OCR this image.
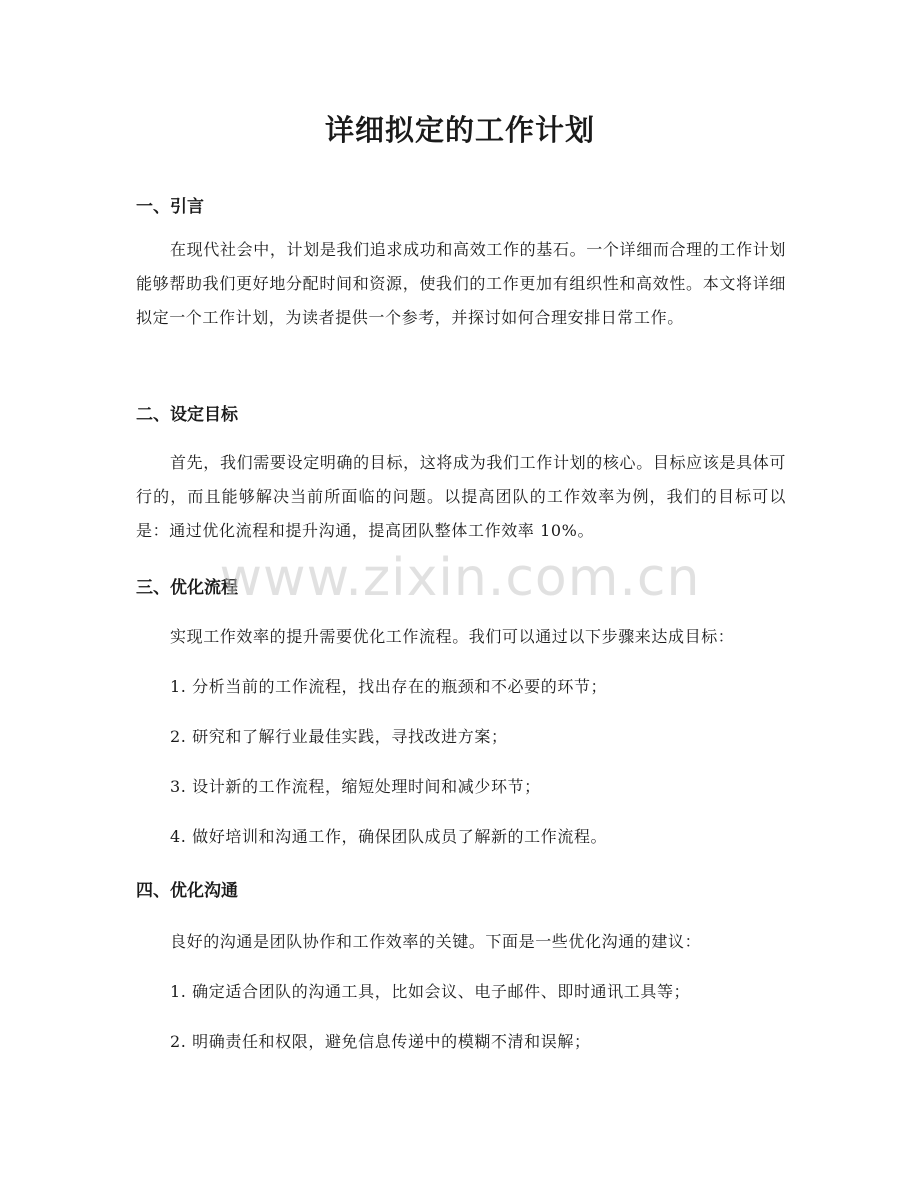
详细拟定的工作计划
一、引言

在现代社会中，计划是我们追求成功和高效工作的基石。一个详细而合理的工作计划能够帮助我们更好地分配时间和资源，使我们的工作更加有组织性和高效性。本文将详细拟定一个工作计划，为读者提供一个参考，并探讨如何合理安排日常工作。

二、设定目标

首先，我们需要设定明确的目标，这将成为我们工作计划的核心。目标应该是具体可行的，而且能够解决当前所面临的问题。以提高团队的工作效率为例，我们的目标可以是：通过优化流程和提升沟通，提高团队整体工作效率 10%。

三、优化流程

实现工作效率的提升需要优化工作流程。我们可以通过以下步骤来达成目标：

1. 分析当前的工作流程，找出存在的瓶颈和不必要的环节；

2. 研究和了解行业最佳实践，寻找改进方案；

3. 设计新的工作流程，缩短处理时间和减少环节；

4. 做好培训和沟通工作，确保团队成员了解新的工作流程。

四、优化沟通

良好的沟通是团队协作和工作效率的关键。下面是一些优化沟通的建议：

1. 确定适合团队的沟通工具，比如会议、电子邮件、即时通讯工具等；

2. 明确责任和权限，避免信息传递中的模糊不清和误解；

www.zixin.com.cn
